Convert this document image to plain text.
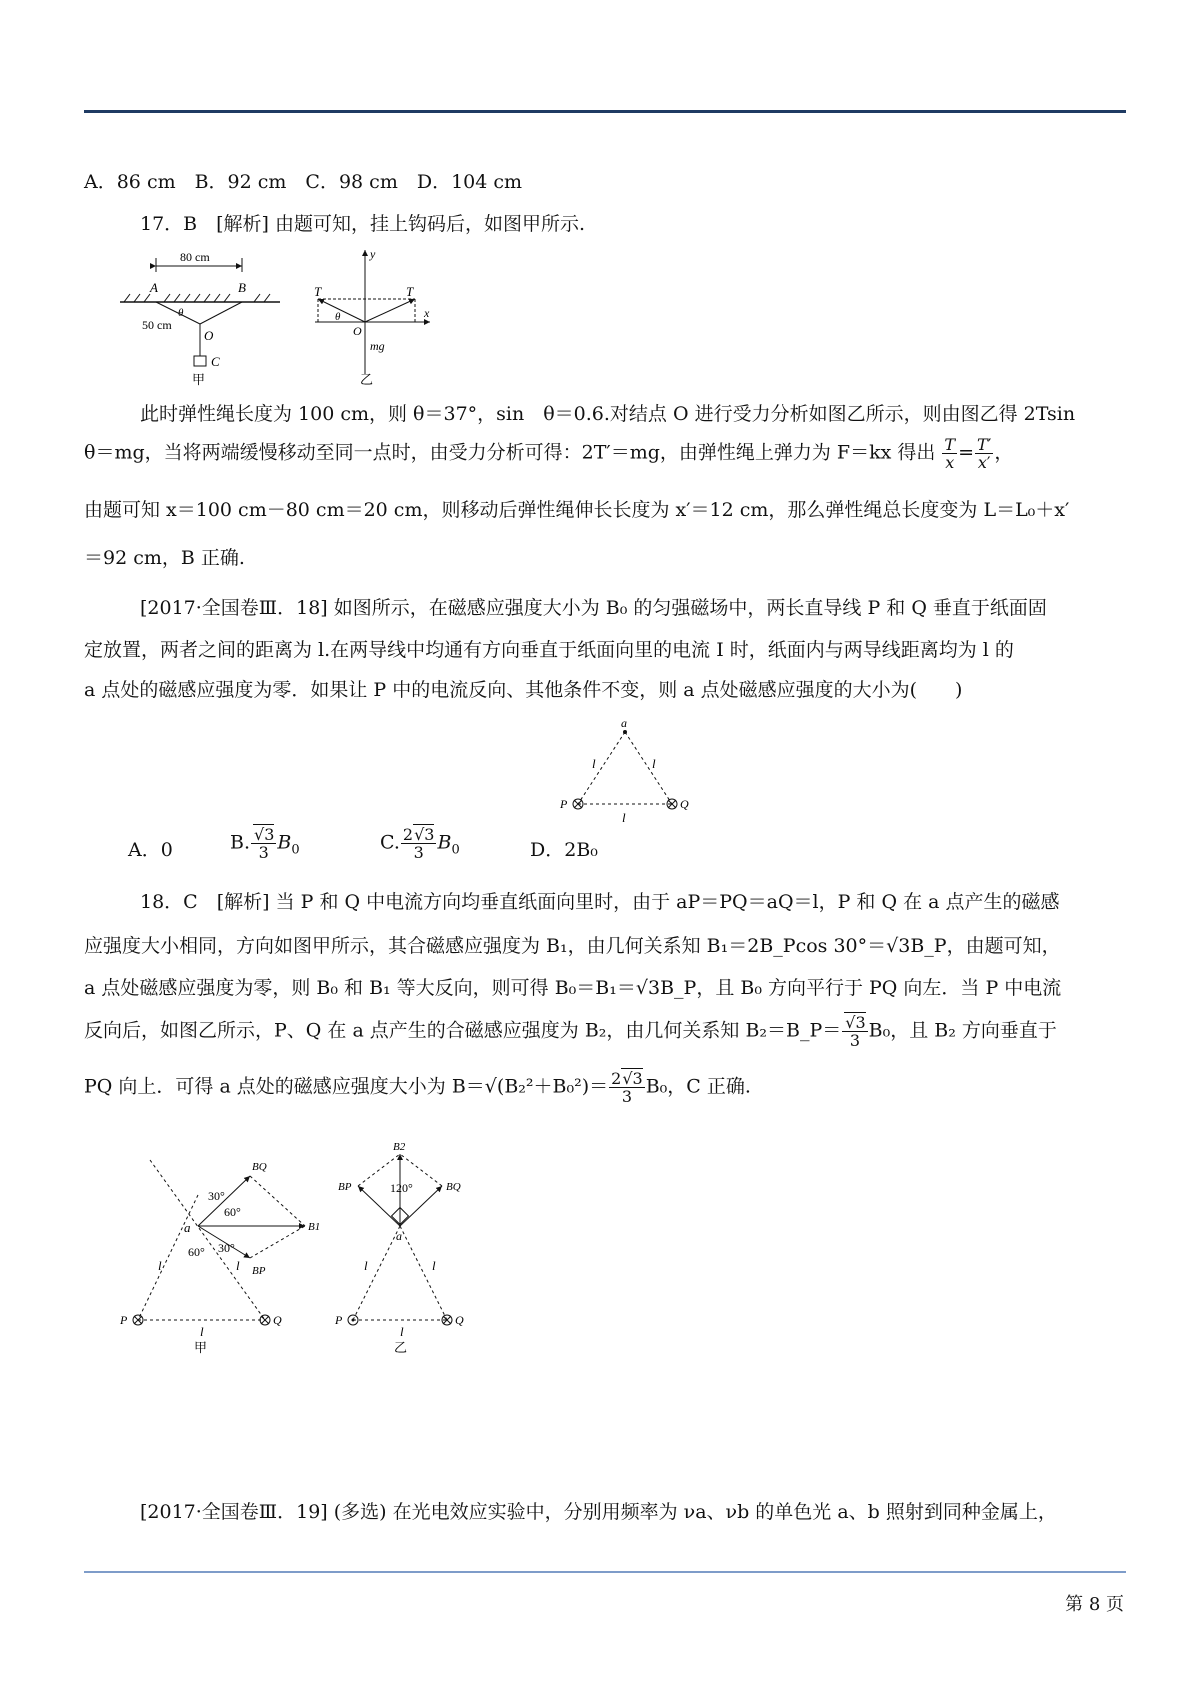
A．86 cm　B．92 cm　C．98 cm　D．104 cm
17．B　[解析] 由题可知，挂上钩码后，如图甲所示.
80 cm
A	B
θ
50 cm
O
C
甲
y
x
T	T
θ
O
mg
乙
此时弹性绳长度为 100 cm，则 θ＝37°，sin　θ＝0.6.对结点 O 进行受力分析如图乙所示，则由图乙得 2Tsin
θ＝mg，当将两端缓慢移动至同一点时，由受力分析可得：2T′＝mg，由弹性绳上弹力为 F＝kx 得出 $\frac{T}{x} = \frac{T'}{x'}$ ，
由题可知 x＝100 cm－80 cm＝20 cm，则移动后弹性绳伸长长度为 x′＝12 cm，那么弹性绳总长度变为 L＝L₀＋x′
＝92 cm，B 正确.
[2017·全国卷Ⅲ．18] 如图所示，在磁感应强度大小为 B₀ 的匀强磁场中，两长直导线 P 和 Q 垂直于纸面固
定放置，两者之间的距离为 l.在两导线中均通有方向垂直于纸面向里的电流 I 时，纸面内与两导线距离均为 l 的
a 点处的磁感应强度为零．如果让 P 中的电流反向、其他条件不变，则 a 点处磁感应强度的大小为(　　)
a
l	l
l
P	Q
A．0	B. $\frac{√3}{3} B_0$	C. $\frac{2√3}{3} B_0$	D．2B₀
18．C　[解析] 当 P 和 Q 中电流方向均垂直纸面向里时，由于 aP＝PQ＝aQ＝l，P 和 Q 在 a 点产生的磁感
应强度大小相同，方向如图甲所示，其合磁感应强度为 B₁，由几何关系知 B₁＝2B_Pcos 30°＝√3B_P，由题可知，
a 点处磁感应强度为零，则 B₀ 和 B₁ 等大反向，则可得 B₀＝B₁＝√3B_P，且 B₀ 方向平行于 PQ 向左．当 P 中电流
反向后，如图乙所示，P、Q 在 a 点产生的合磁感应强度为 B₂，由几何关系知 B₂＝B_P＝ $\frac{√3}{3} B_0$，且 B₂ 方向垂直于
PQ 向上．可得 a 点处的磁感应强度大小为 $B=√(B_2^2+B_0^2)= \frac{2√3}{3} B_0$，C 正确.
BQ
BP
B1
a
30°
60°
60° 30°
l	l
l
P	Q
甲
B2
BP	BQ
120°
a
l	l
l
P	Q
乙
[2017·全国卷Ⅲ．19] (多选) 在光电效应实验中，分别用频率为 νa、νb 的单色光 a、b 照射到同种金属上，
第 8 页
